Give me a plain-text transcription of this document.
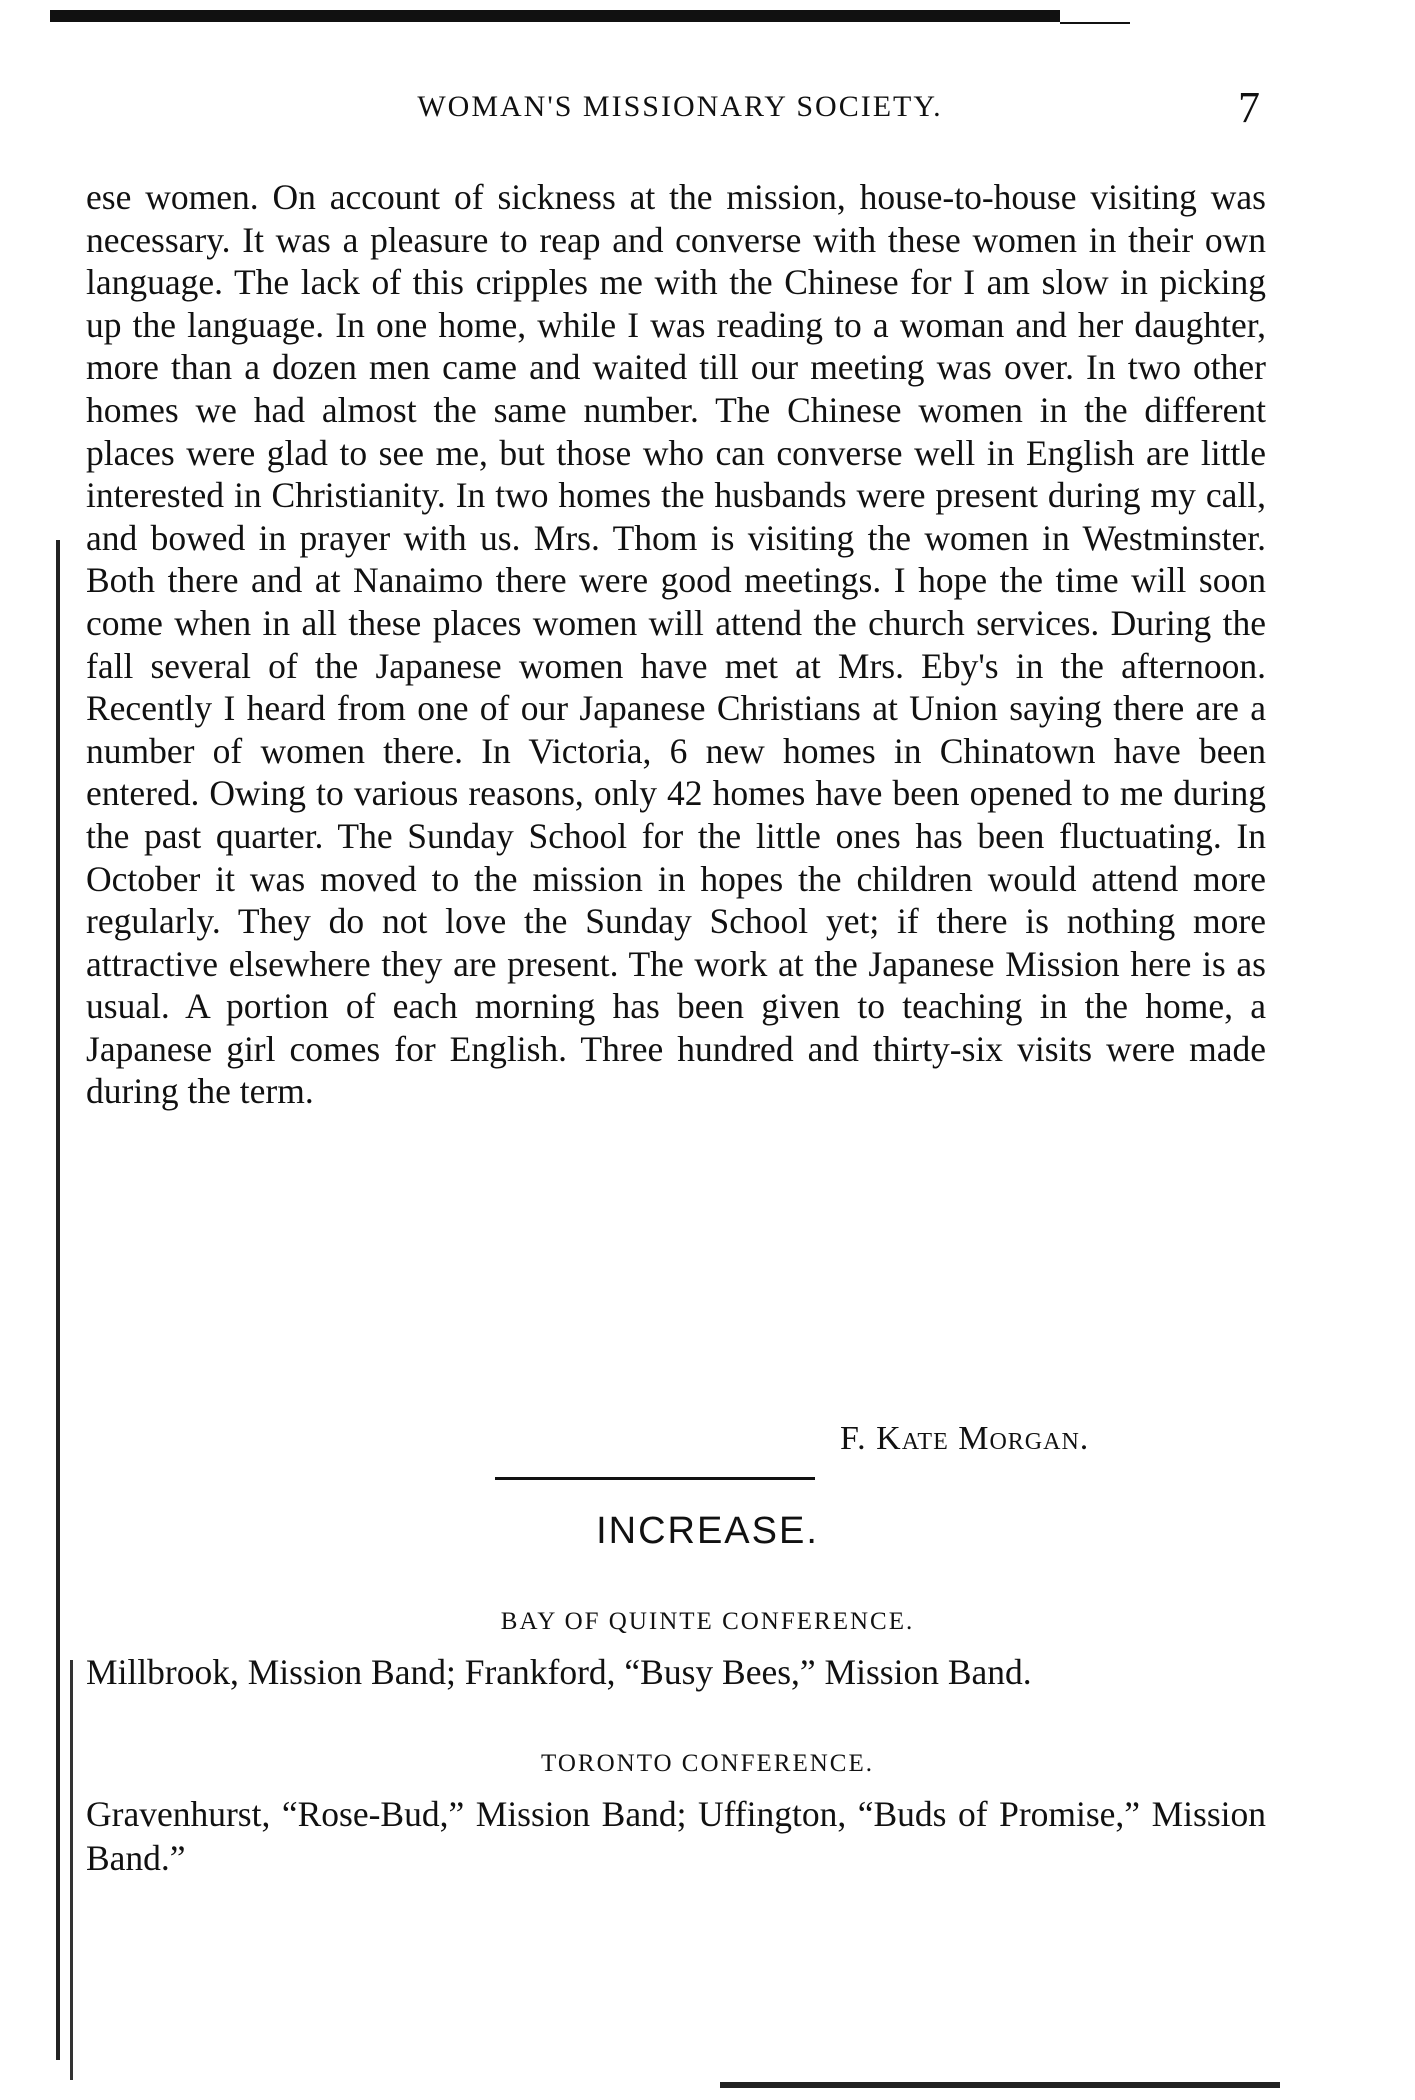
WOMAN'S MISSIONARY SOCIETY.	7
ese women. On account of sickness at the mission, house-to-house visiting was necessary. It was a pleasure to reap and converse with these women in their own language. The lack of this cripples me with the Chinese for I am slow in picking up the language. In one home, while I was reading to a woman and her daughter, more than a dozen men came and waited till our meeting was over. In two other homes we had almost the same number. The Chinese women in the different places were glad to see me, but those who can converse well in English are little interested in Christianity. In two homes the husbands were present during my call, and bowed in prayer with us. Mrs. Thom is visiting the women in Westminster. Both there and at Nanaimo there were good meetings. I hope the time will soon come when in all these places women will attend the church services. During the fall several of the Japanese women have met at Mrs. Eby's in the afternoon. Recently I heard from one of our Japanese Christians at Union saying there are a number of women there. In Victoria, 6 new homes in Chinatown have been entered. Owing to various reasons, only 42 homes have been opened to me during the past quarter. The Sunday School for the little ones has been fluctuating. In October it was moved to the mission in hopes the children would attend more regularly. They do not love the Sunday School yet; if there is nothing more attractive elsewhere they are present. The work at the Japanese Mission here is as usual. A portion of each morning has been given to teaching in the home, a Japanese girl comes for English. Three hundred and thirty-six visits were made during the term.
F. Kate Morgan.
INCREASE.
BAY OF QUINTE CONFERENCE.
Millbrook, Mission Band; Frankford, “Busy Bees,” Mission Band.
TORONTO CONFERENCE.
Gravenhurst, “Rose-Bud,” Mission Band; Uffington, “Buds of Promise,” Mission Band.”
